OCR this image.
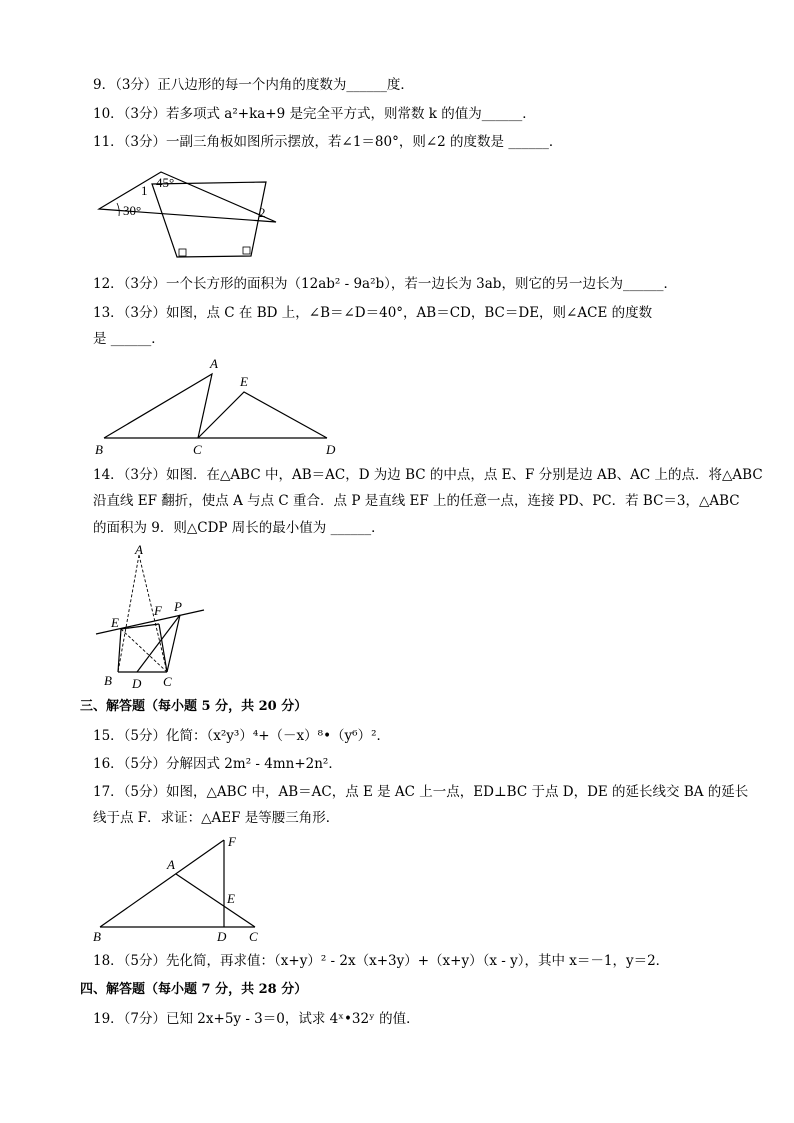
9．（3分）正八边形的每一个内角的度数为______度．
10．（3分）若多项式 a²+ka+9 是完全平方式，则常数 k 的值为______．
11．（3分）一副三角板如图所示摆放，若∠1＝80°，则∠2 的度数是 ______．
45°
30°
1
2
12．（3分）一个长方形的面积为（12ab² - 9a²b），若一边长为 3ab，则它的另一边长为______．
13．（3分）如图，点 C 在 BD 上，∠B＝∠D＝40°，AB＝CD，BC＝DE，则∠ACE 的度数
是 ______．
A
E
B	C	D
14．（3分）如图．在△ABC 中，AB＝AC，D 为边 BC 的中点，点 E、F 分别是边 AB、AC 上的点．将△ABC
沿直线 EF 翻折，使点 A 与点 C 重合．点 P 是直线 EF 上的任意一点，连接 PD、PC．若 BC＝3，△ABC
的面积为 9．则△CDP 周长的最小值为 ______．
A
E
F P
B D C
三、解答题（每小题 5 分，共 20 分）
15．（5分）化简：（x²y³）⁴+（－x）⁸•（y⁶）²．
16．（5分）分解因式 2m² - 4mn+2n²．
17．（5分）如图，△ABC 中，AB＝AC，点 E 是 AC 上一点，ED⊥BC 于点 D，DE 的延长线交 BA 的延长
线于点 F．求证：△AEF 是等腰三角形．
A
F
E
B	D C
18．（5分）先化简，再求值：（x+y）² - 2x（x+3y）+（x+y）（x - y），其中 x＝－1，y＝2．
四、解答题（每小题 7 分，共 28 分）
19．（7分）已知 2x+5y - 3＝0，试求 4ˣ•32ʸ 的值．
